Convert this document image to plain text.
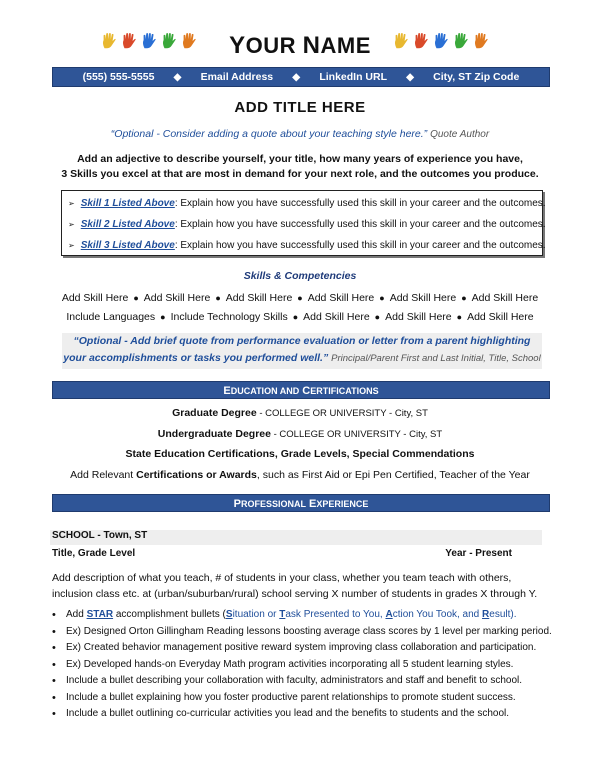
YOUR NAME
(555) 555-5555 ◆ Email Address ◆ LinkedIn URL ◆ City, ST Zip Code
ADD TITLE HERE
“Optional - Consider adding a quote about your teaching style here.” Quote Author
Add an adjective to describe yourself, your title, how many years of experience you have,
3 Skills you excel at that are most in demand for your next role, and the outcomes you produce.
➢ Skill 1 Listed Above: Explain how you have successfully used this skill in your career and the outcomes.
➢ Skill 2 Listed Above: Explain how you have successfully used this skill in your career and the outcomes.
➢ Skill 3 Listed Above: Explain how you have successfully used this skill in your career and the outcomes.
Skills & Competencies
Add Skill Here ● Add Skill Here ● Add Skill Here ● Add Skill Here ● Add Skill Here ● Add Skill Here
Include Languages ● Include Technology Skills ● Add Skill Here ● Add Skill Here ● Add Skill Here
“Optional - Add brief quote from performance evaluation or letter from a parent highlighting
your accomplishments or tasks you performed well.” Principal/Parent First and Last Initial, Title, School
EDUCATION AND CERTIFICATIONS
Graduate Degree - COLLEGE OR UNIVERSITY - City, ST
Undergraduate Degree - COLLEGE OR UNIVERSITY - City, ST
State Education Certifications, Grade Levels, Special Commendations
Add Relevant Certifications or Awards, such as First Aid or Epi Pen Certified, Teacher of the Year
PROFESSIONAL EXPERIENCE
SCHOOL - Town, ST
Title, Grade Level	Year - Present
Add description of what you teach, # of students in your class, whether you team teach with others, inclusion class etc. at (urban/suburban/rural) school serving X number of students in grades X through Y.
• Add STAR accomplishment bullets (Situation or Task Presented to You, Action You Took, and Result).
• Ex) Designed Orton Gillingham Reading lessons boosting average class scores by 1 level per marking period.
• Ex) Created behavior management positive reward system improving class collaboration and participation.
• Ex) Developed hands-on Everyday Math program activities incorporating all 5 student learning styles.
• Include a bullet describing your collaboration with faculty, administrators and staff and benefit to school.
• Include a bullet explaining how you foster productive parent relationships to promote student success.
• Include a bullet outlining co-curricular activities you lead and the benefits to students and the school.
